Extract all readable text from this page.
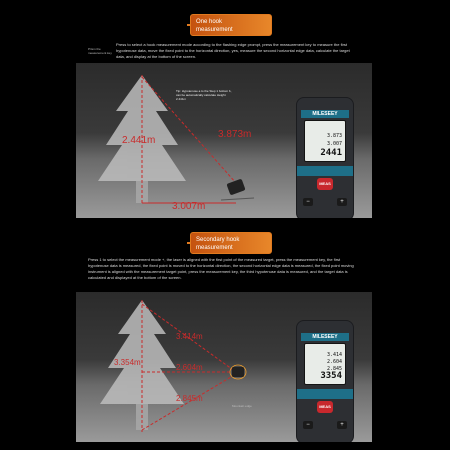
One hook
measurement
Prism the measurement key
Press to select a hook measurement mode according to the flashing edge prompt, press the measurement key to measure the first hypotenuse data, move the fixed point to the horizontal direction, yes, measure the second horizontal edge data, calculate the target data, and display at the bottom of the screen.
2.441m
3.873m
3.007m
Tip: Hypotenuse a to the Step 1 bottom b, can be automatically calculate Height 2.441m
MILESEEY
3.873
3.007
2441
MEAS
−	+
Secondary hook
measurement
Press 1 to select the measurement mode +, the laser is aligned with the first point of the measured target, press the measurement key, the first hypotenuse data is measured, the fixed point is moved to the horizontal direction, the second horizontal edge data is measured, the fixed point moving instrument is aligned with the measurement target point, press the measurement key, the third hypotenuse data is measured, and the target data is calculated and displayed at the bottom of the screen.
3.414m
3.354m
2.604m
2.845m
Mountain edge
MILESEEY
3.414
2.604
2.845
3354
MEAS
−	+
